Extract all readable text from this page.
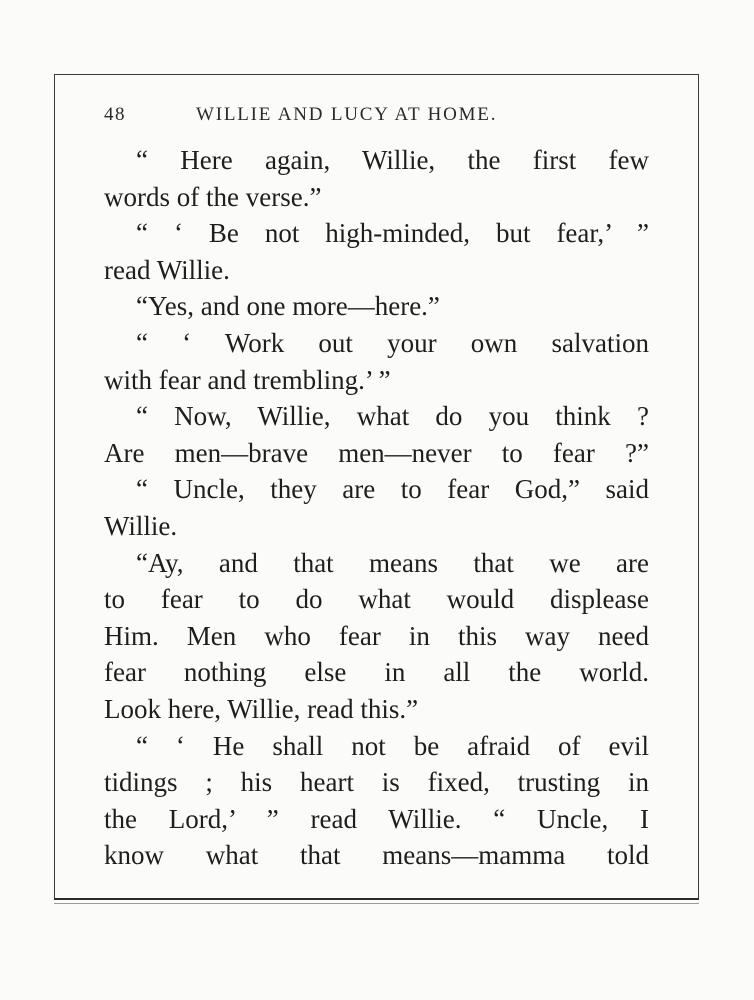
48	WILLIE AND LUCY AT HOME.
“ Here again, Willie, the first few
words of the verse.”
“ ‘ Be not high-minded, but fear,’ ”
read Willie.
“Yes, and one more—here.”
“ ‘ Work out your own salvation
with fear and trembling.’ ”
“ Now, Willie, what do you think ?
Are men—brave men—never to fear ?”
“ Uncle, they are to fear God,” said
Willie.
“Ay, and that means that we are
to fear to do what would displease
Him. Men who fear in this way need
fear nothing else in all the world.
Look here, Willie, read this.”
“ ‘ He shall not be afraid of evil
tidings ; his heart is fixed, trusting in
the Lord,’ ” read Willie. “ Uncle, I
know what that means—mamma told
